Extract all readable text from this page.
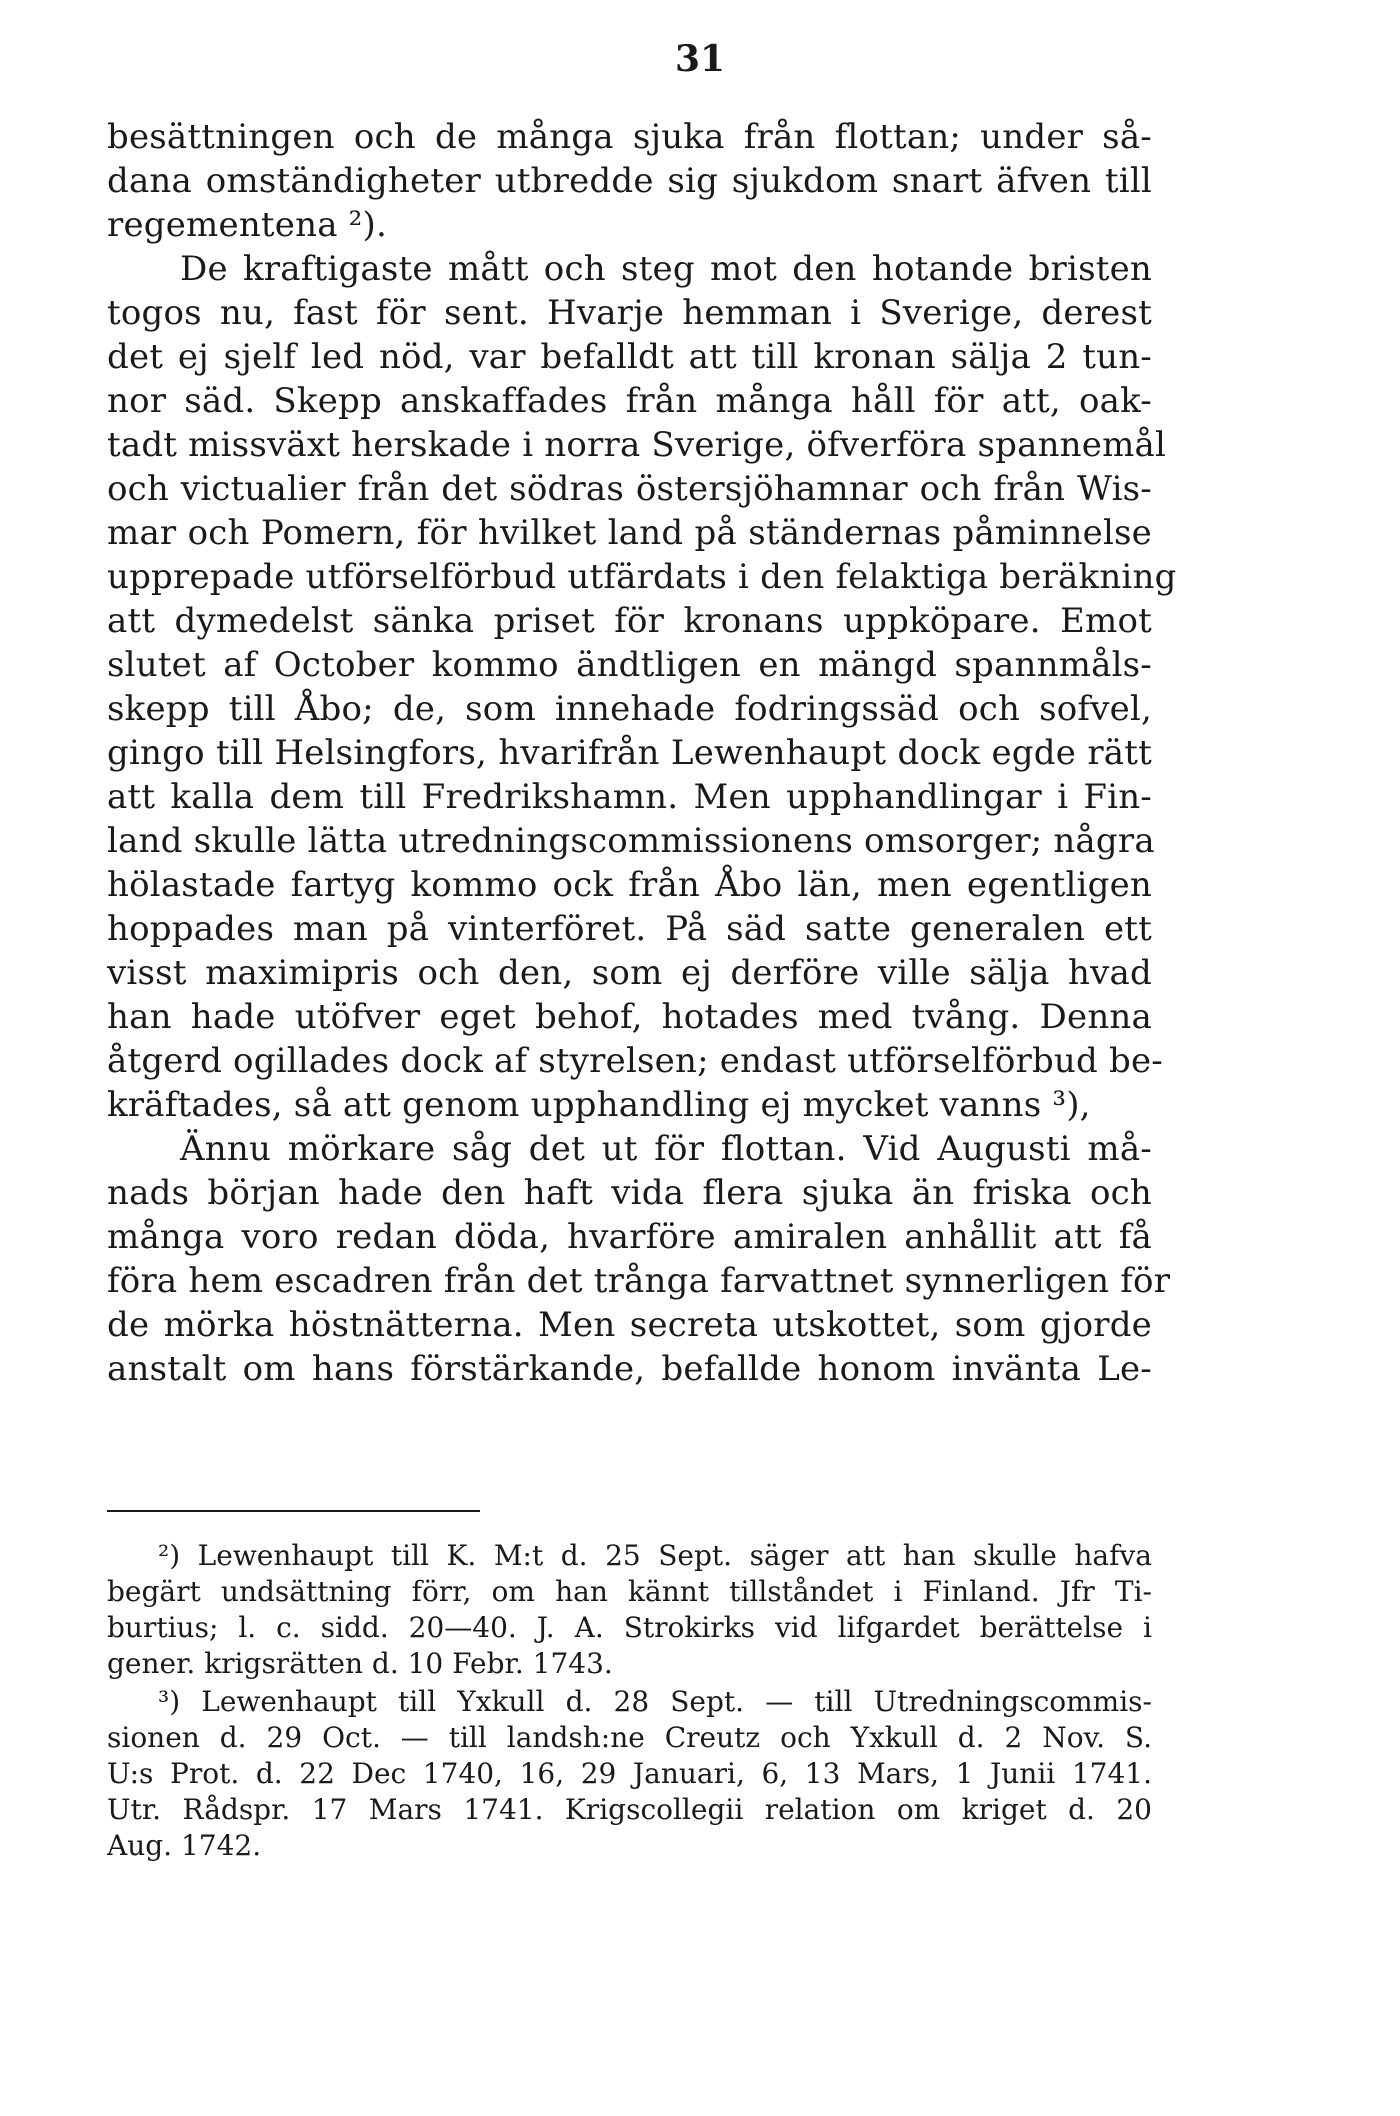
31
besättningen och de många sjuka från flottan; under så-
dana omständigheter utbredde sig sjukdom snart äfven till
regementena ²).
De kraftigaste mått och steg mot den hotande bristen
togos nu, fast för sent. Hvarje hemman i Sverige, derest
det ej sjelf led nöd, var befalldt att till kronan sälja 2 tun-
nor säd. Skepp anskaffades från många håll för att, oak-
tadt missväxt herskade i norra Sverige, öfverföra spannemål
och victualier från det södras östersjöhamnar och från Wis-
mar och Pomern, för hvilket land på ständernas påminnelse
upprepade utförselförbud utfärdats i den felaktiga beräkning
att dymedelst sänka priset för kronans uppköpare. Emot
slutet af October kommo ändtligen en mängd spannmåls-
skepp till Åbo; de, som innehade fodringssäd och sofvel,
gingo till Helsingfors, hvarifrån Lewenhaupt dock egde rätt
att kalla dem till Fredrikshamn. Men upphandlingar i Fin-
land skulle lätta utredningscommissionens omsorger; några
hölastade fartyg kommo ock från Åbo län, men egentligen
hoppades man på vinterföret. På säd satte generalen ett
visst maximipris och den, som ej derföre ville sälja hvad
han hade utöfver eget behof, hotades med tvång. Denna
åtgerd ogillades dock af styrelsen; endast utförselförbud be-
kräftades, så att genom upphandling ej mycket vanns ³),
Ännu mörkare såg det ut för flottan. Vid Augusti må-
nads början hade den haft vida flera sjuka än friska och
många voro redan döda, hvarföre amiralen anhållit att få
föra hem escadren från det trånga farvattnet synnerligen för
de mörka höstnätterna. Men secreta utskottet, som gjorde
anstalt om hans förstärkande, befallde honom invänta Le-
²) Lewenhaupt till K. M:t d. 25 Sept. säger att han skulle hafva
begärt undsättning förr, om han kännt tillståndet i Finland. Jfr Ti-
burtius; l. c. sidd. 20—40. J. A. Strokirks vid lifgardet berättelse i
gener. krigsrätten d. 10 Febr. 1743.
³) Lewenhaupt till Yxkull d. 28 Sept. — till Utredningscommis-
sionen d. 29 Oct. — till landsh:ne Creutz och Yxkull d. 2 Nov. S.
U:s Prot. d. 22 Dec 1740, 16, 29 Januari, 6, 13 Mars, 1 Junii 1741.
Utr. Rådspr. 17 Mars 1741. Krigscollegii relation om kriget d. 20
Aug. 1742.
